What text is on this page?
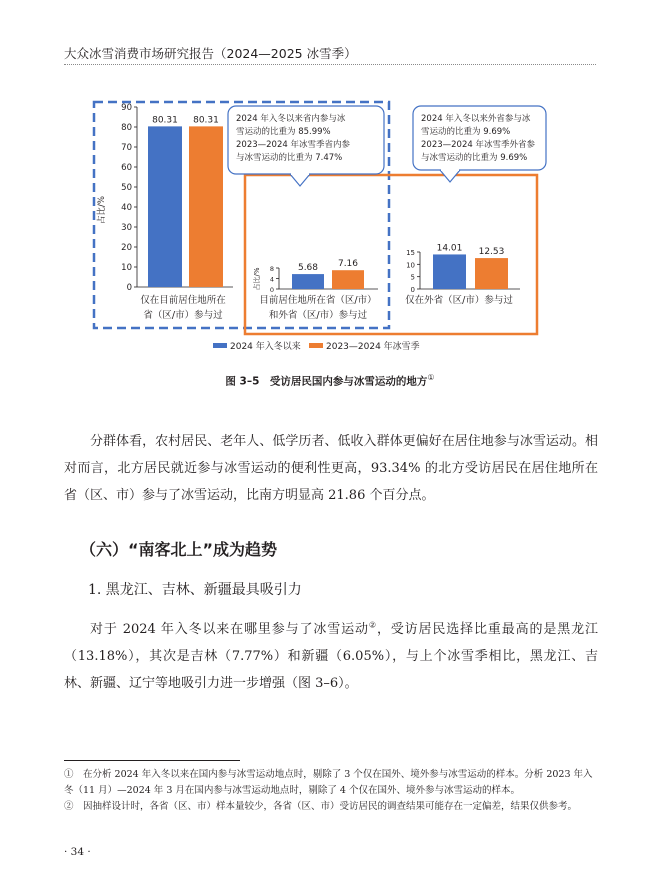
大众冰雪消费市场研究报告（2024—2025 冰雪季）
2024 年入冬以来省内参与冰 雪运动的比重为 85.99% 2023—2024 年冰雪季省内参 与冰雪运动的比重为 7.47%
2024 年入冬以来外省参与冰 雪运动的比重为 9.69% 2023—2024 年冰雪季外省参 与冰雪运动的比重为 9.69%
0
10
20
30
40
50
60
70
80
90
占比/%
80.31 80.31
仅在目前居住地所在
省（区/市）参与过
0
4
8
占比/%	5.68 7.16
目前居住地所在省（区/市）
和外省（区/市）参与过
0
5
10
15 14.01 12.53
仅在外省（区/市）参与过
2024 年入冬以来	2023—2024 年冰雪季
图 3–5　受访居民国内参与冰雪运动的地方①

分群体看，农村居民、老年人、低学历者、低收入群体更偏好在居住地参与冰雪运动。相对而言，北方居民就近参与冰雪运动的便利性更高，93.34% 的北方受访居民在居住地所在省（区、市）参与了冰雪运动，比南方明显高 21.86 个百分点。

（六）“南客北上”成为趋势
1. 黑龙江、吉林、新疆最具吸引力

对于 2024 年入冬以来在哪里参与了冰雪运动②，受访居民选择比重最高的是黑龙江（13.18%），其次是吉林（7.77%）和新疆（6.05%），与上个冰雪季相比，黑龙江、吉林、新疆、辽宁等地吸引力进一步增强（图 3–6）。

①　在分析 2024 年入冬以来在国内参与冰雪运动地点时，剔除了 3 个仅在国外、境外参与冰雪运动的样本。分析 2023 年入冬（11 月）—2024 年 3 月在国内参与冰雪运动地点时，剔除了 4 个仅在国外、境外参与冰雪运动的样本。

②　因抽样设计时，各省（区、市）样本量较少，各省（区、市）受访居民的调查结果可能存在一定偏差，结果仅供参考。

· 34 ·
